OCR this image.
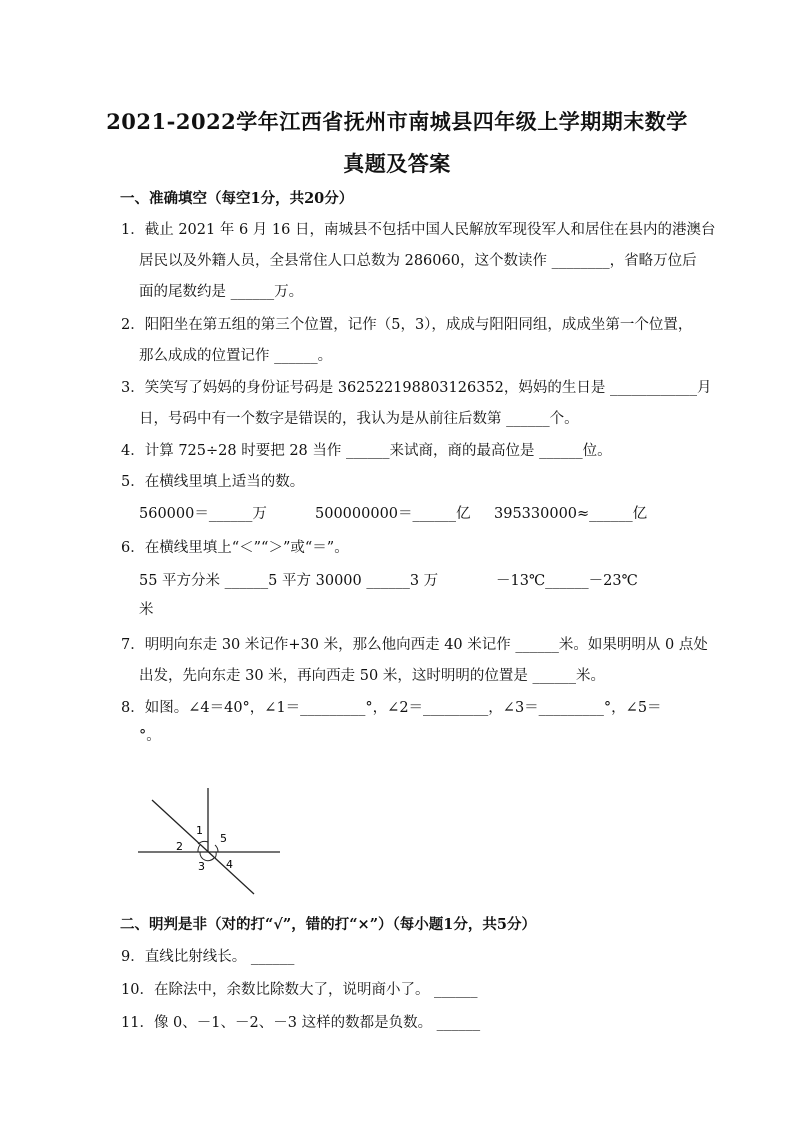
2021-2022学年江西省抚州市南城县四年级上学期期末数学
真题及答案
一、准确填空（每空1分，共20分）
1．截止 2021 年 6 月 16 日，南城县不包括中国人民解放军现役军人和居住在县内的港澳台
居民以及外籍人员，全县常住人口总数为 286060，这个数读作 ________，省略万位后
面的尾数约是 ______万。
2．阳阳坐在第五组的第三个位置，记作（5，3），成成与阳阳同组，成成坐第一个位置，
那么成成的位置记作 ______。
3．笑笑写了妈妈的身份证号码是 362522198803126352，妈妈的生日是 ____________月
日，号码中有一个数字是错误的，我认为是从前往后数第 ______个。
4．计算 725÷28 时要把 28 当作 ______来试商，商的最高位是 ______位。
5．在横线里填上适当的数。
560000＝______万	500000000＝______亿 395330000≈______亿
6．在横线里填上“＜”“＞”或“＝”。
55 平方分米 ______5 平方 30000 ______3 万	－13℃______－23℃
米
7．明明向东走 30 米记作+30 米，那么他向西走 40 米记作 ______米。如果明明从 0 点处
出发，先向东走 30 米，再向西走 50 米，这时明明的位置是 ______米。
8．如图。∠4＝40°，∠1＝_________°，∠2＝_________，∠3＝_________°，∠5＝
°。
1
5
2
3 4
二、明判是非（对的打“√”，错的打“×”）（每小题1分，共5分）
9．直线比射线长。 ______
10．在除法中，余数比除数大了，说明商小了。 ______
11．像 0、－1、－2、－3 这样的数都是负数。 ______
